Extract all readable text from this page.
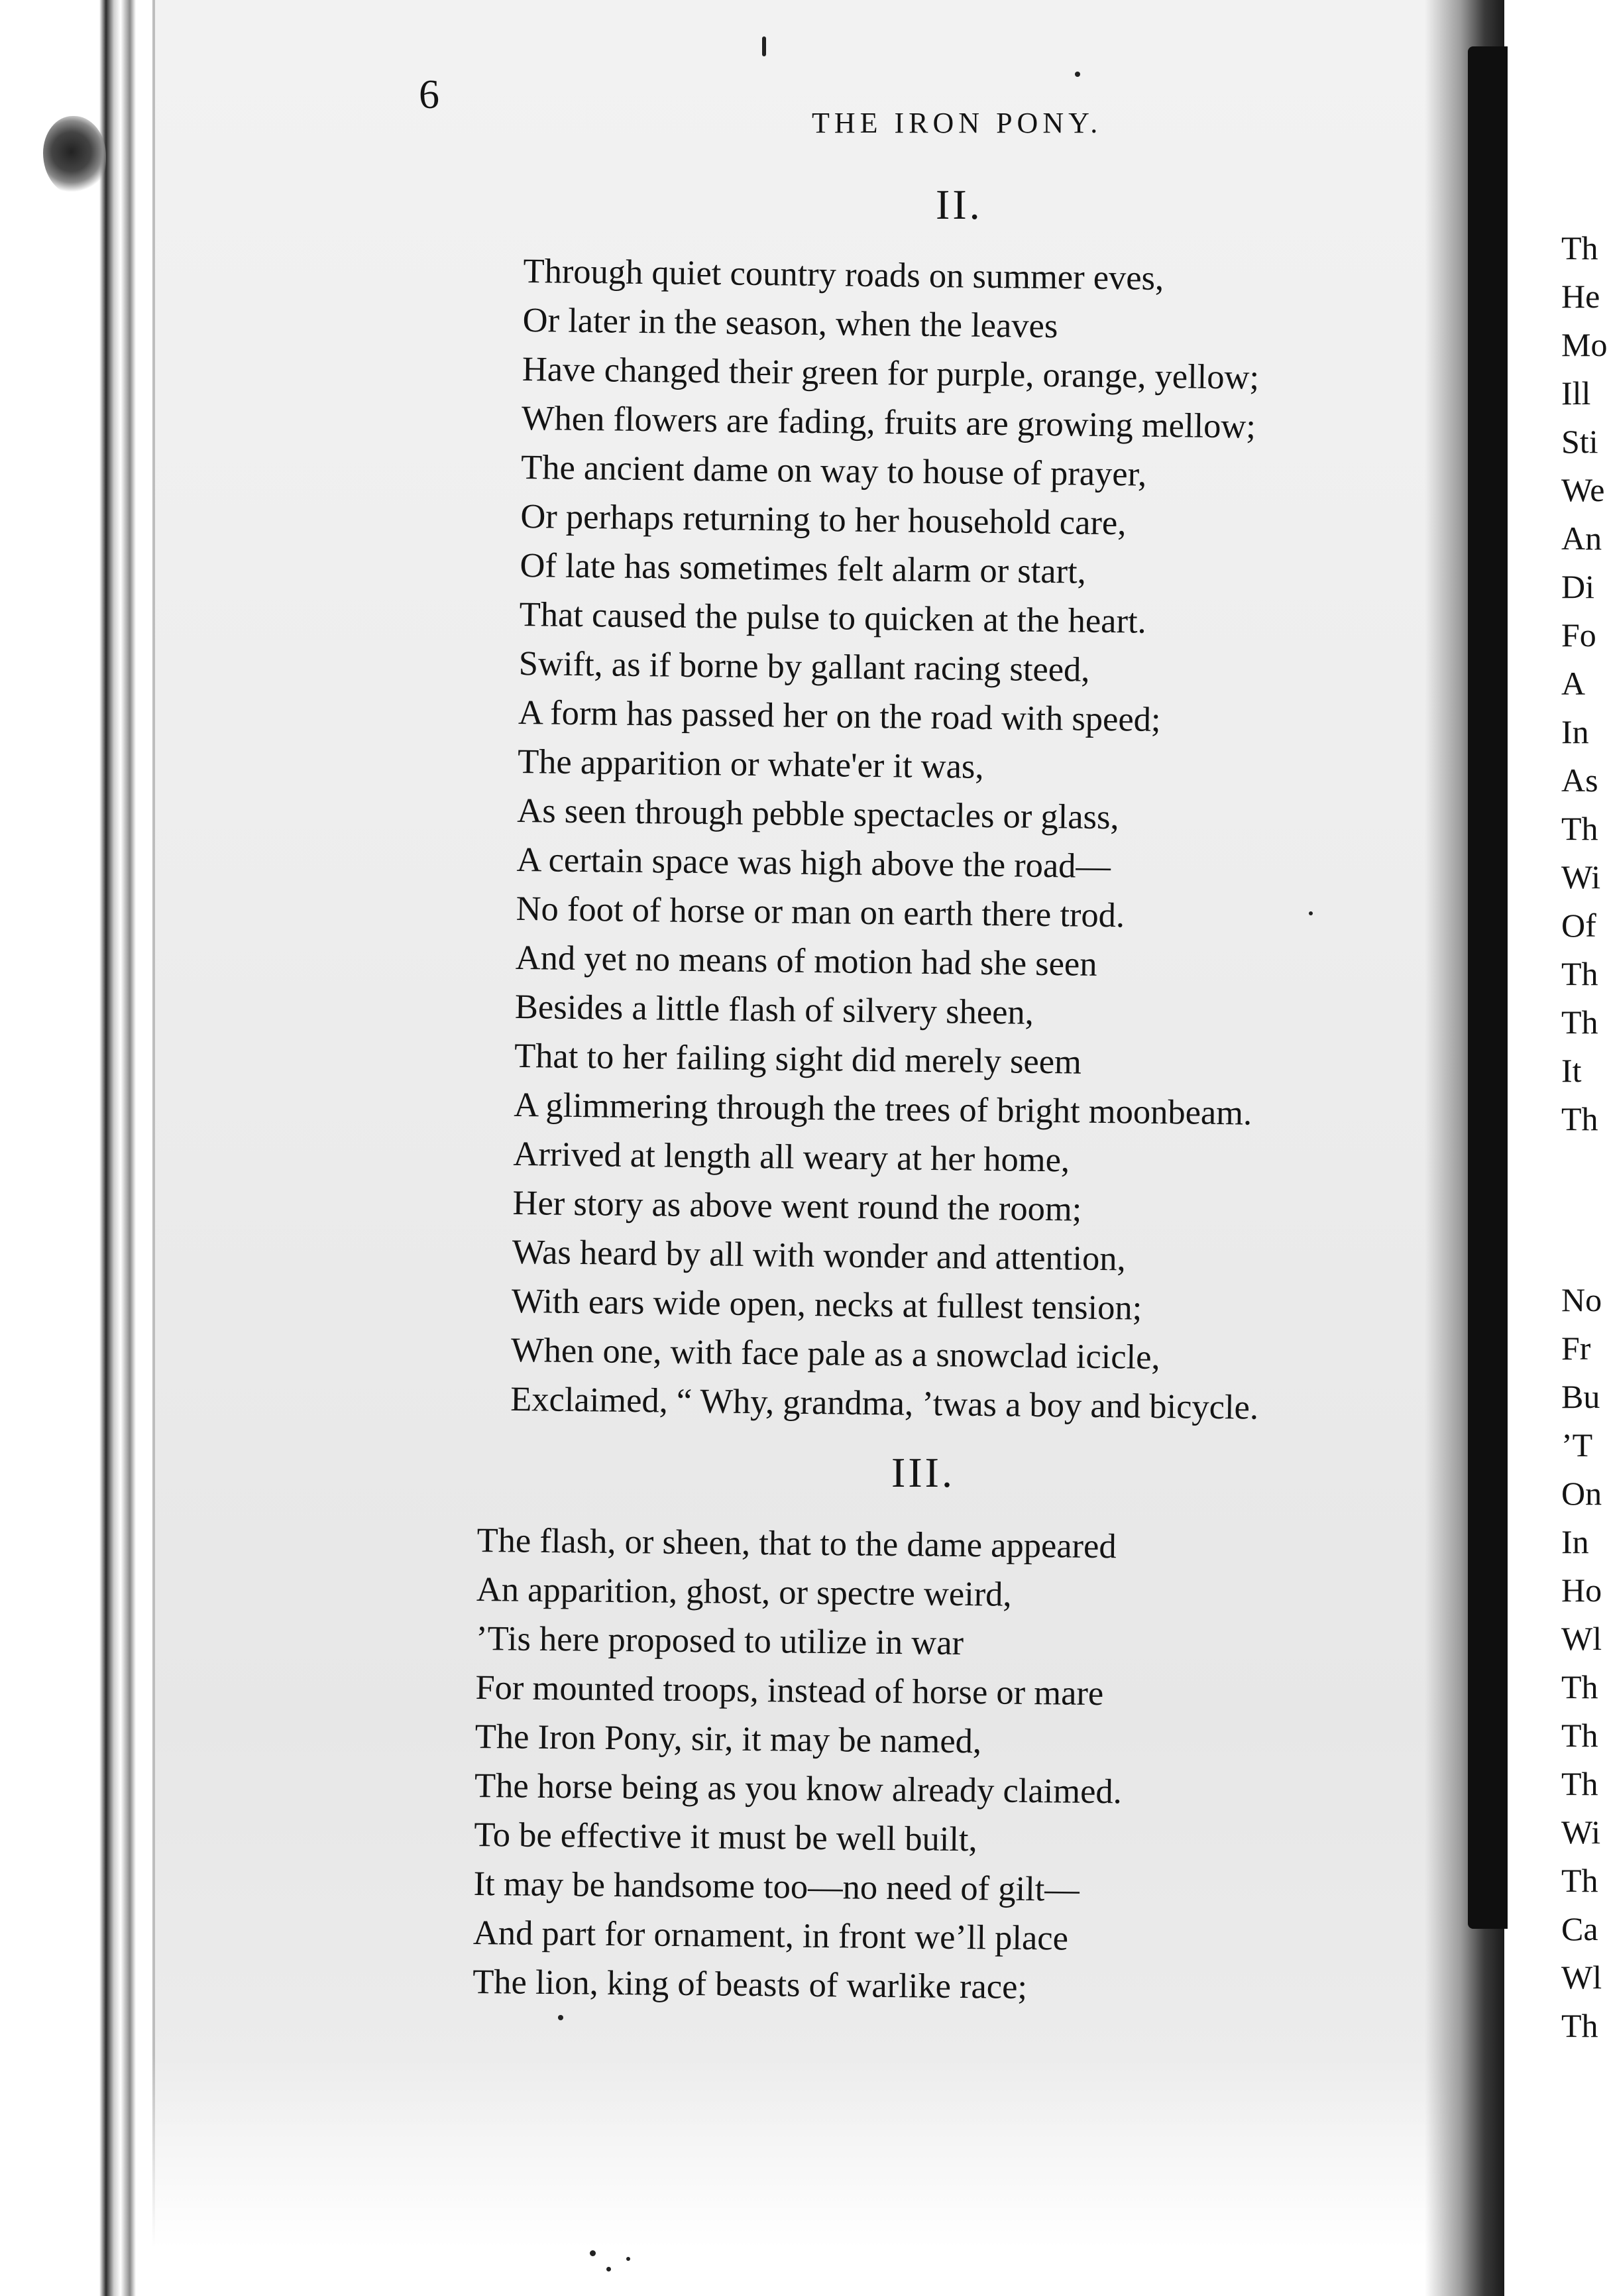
6
THE IRON PONY.
II.
Through quiet country roads on summer eves,
Or later in the season, when the leaves
Have changed their green for purple, orange, yellow;
When flowers are fading, fruits are growing mellow;
The ancient dame on way to house of prayer,
Or perhaps returning to her household care,
Of late has sometimes felt alarm or start,
That caused the pulse to quicken at the heart.
Swift, as if borne by gallant racing steed,
A form has passed her on the road with speed;
The apparition or whate'er it was,
As seen through pebble spectacles or glass,
A certain space was high above the road—
No foot of horse or man on earth there trod.
And yet no means of motion had she seen
Besides a little flash of silvery sheen,
That to her failing sight did merely seem
A glimmering through the trees of bright moonbeam.
Arrived at length all weary at her home,
Her story as above went round the room;
Was heard by all with wonder and attention,
With ears wide open, necks at fullest tension;
When one, with face pale as a snowclad icicle,
Exclaimed, “ Why, grandma, ’twas a boy and bicycle.
III.
The flash, or sheen, that to the dame appeared
An apparition, ghost, or spectre weird,
’Tis here proposed to utilize in war
For mounted troops, instead of horse or mare
The Iron Pony, sir, it may be named,
The horse being as you know already claimed.
To be effective it must be well built,
It may be handsome too—no need of gilt—
And part for ornament, in front we’ll place
The lion, king of beasts of warlike race;
Th
He
Mo
Ill
Sti
We
An
Di
Fo
A
In
As
Th
Wi
Of
Th
Th
It
Th
No
Fr
Bu
’T
On
In
Ho
Wl
Th
Th
Th
Wi
Th
Ca
Wl
Th
